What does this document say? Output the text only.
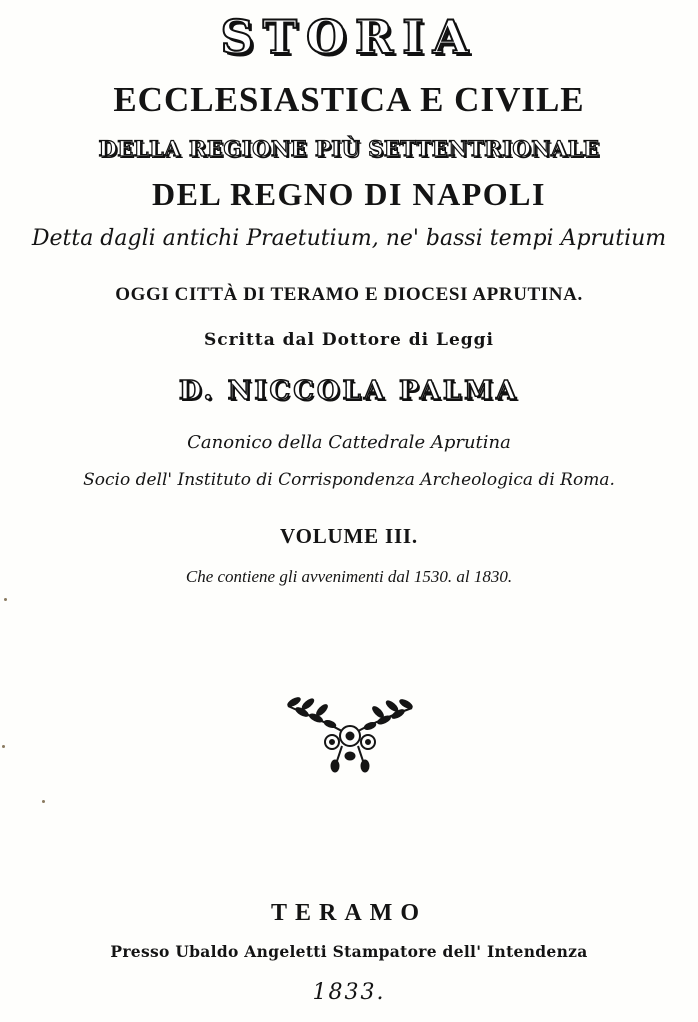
STORIA
ECCLESIASTICA E CIVILE
DELLA REGIONE PIÙ SETTENTRIONALE
DEL REGNO DI NAPOLI
Detta dagli antichi Praetutium, ne' bassi tempi Aprutium
OGGI CITTÀ DI TERAMO E DIOCESI APRUTINA.
Scritta dal Dottore di Leggi
D. NICCOLA PALMA
Canonico della Cattedrale Aprutina
Socio dell' Instituto di Corrispondenza Archeologica di Roma.
VOLUME III.
Che contiene gli avvenimenti dal 1530. al 1830.
TERAMO
Presso Ubaldo Angeletti Stampatore dell' Intendenza
1833.
